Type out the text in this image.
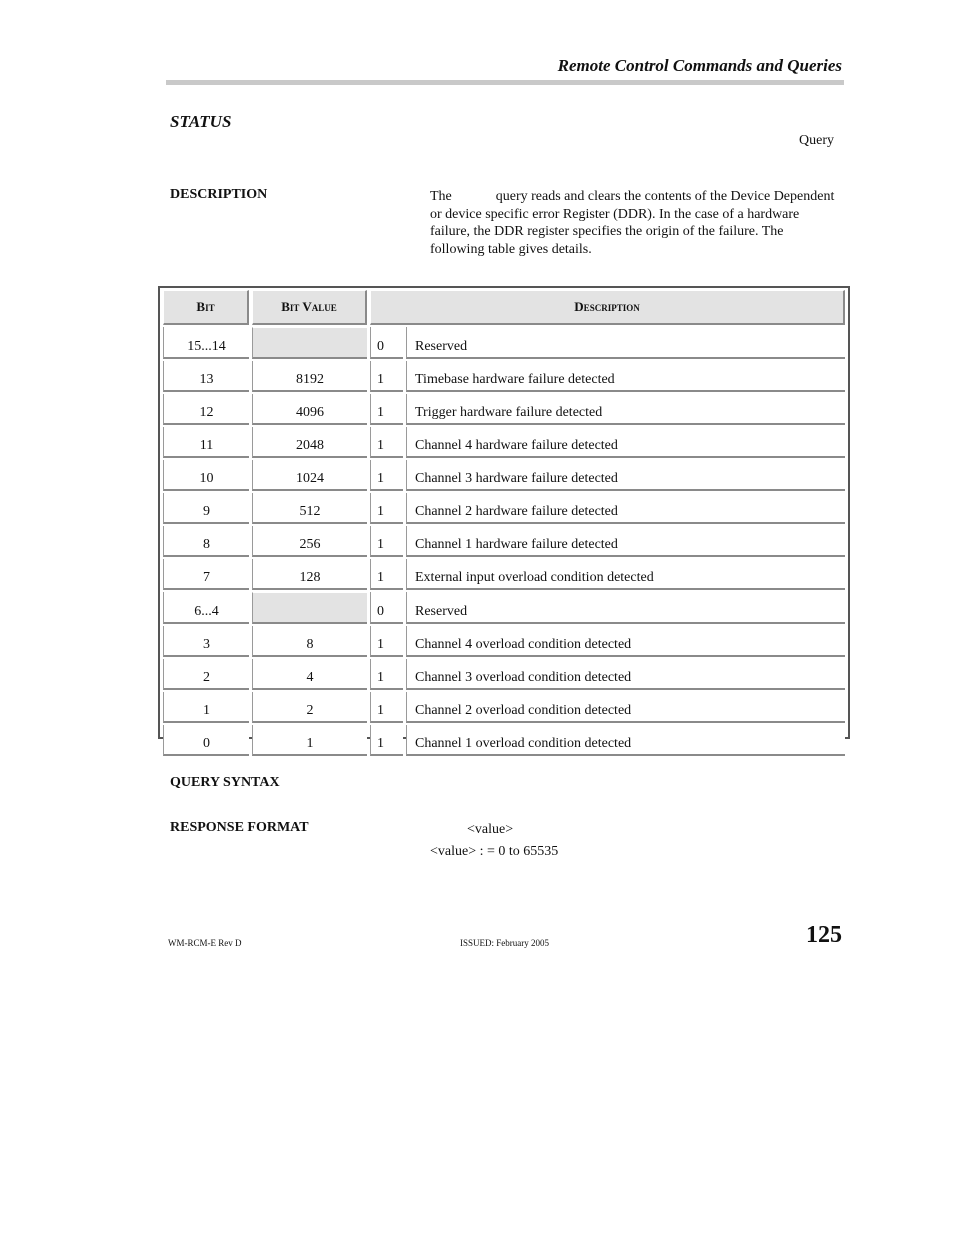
Remote Control Commands and Queries
STATUS
Query
DESCRIPTION	The	query reads and clears the contents of the Device Dependent or device specific error Register (DDR). In the case of a hardware failure, the DDR register specifies the origin of the failure. The following table gives details.
Bit	Bit Value	Description	
15...14		0	Reserved
13	8192	1	Timebase hardware failure detected
12	4096	1	Trigger hardware failure detected
11	2048	1	Channel 4 hardware failure detected
10	1024	1	Channel 3 hardware failure detected
9	512	1	Channel 2 hardware failure detected
8	256	1	Channel 1 hardware failure detected
7	128	1	External input overload condition detected
6...4		0	Reserved
3	8	1	Channel 4 overload condition detected
2	4	1	Channel 3 overload condition detected
1	2	1	Channel 2 overload condition detected
0	1	1	Channel 1 overload condition detected
QUERY SYNTAX
RESPONSE FORMAT	<value>
<value> : = 0 to 65535
WM-RCM-E Rev D	ISSUED: February 2005	125
